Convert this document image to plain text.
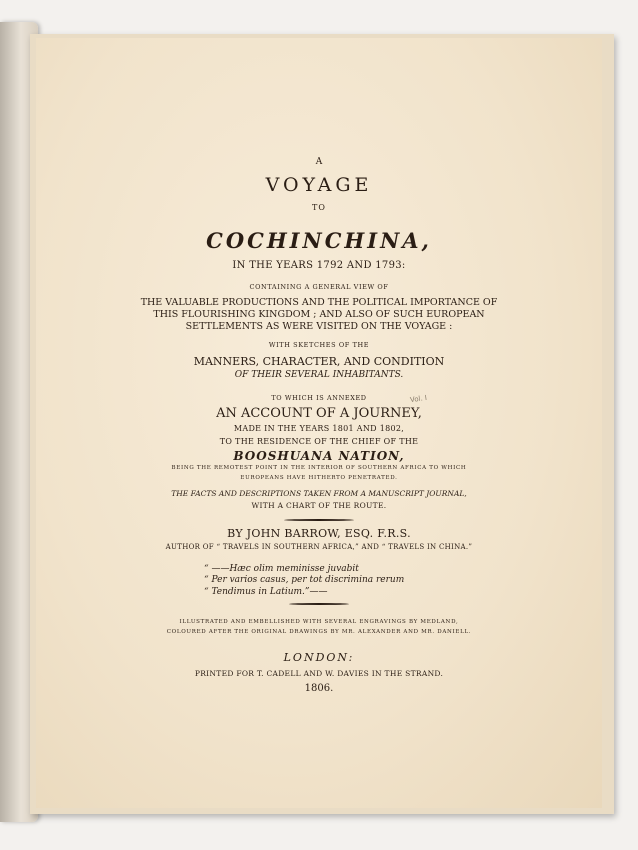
A
VOYAGE
TO
COCHINCHINA,
IN THE YEARS 1792 AND 1793:
CONTAINING A GENERAL VIEW OF
THE VALUABLE PRODUCTIONS AND THE POLITICAL IMPORTANCE OF
THIS FLOURISHING KINGDOM ; AND ALSO OF SUCH EUROPEAN
SETTLEMENTS AS WERE VISITED ON THE VOYAGE :
WITH SKETCHES OF THE
MANNERS, CHARACTER, AND CONDITION
OF THEIR SEVERAL INHABITANTS.
TO WHICH IS ANNEXED
AN ACCOUNT OF A JOURNEY,
MADE IN THE YEARS 1801 AND 1802,
TO THE RESIDENCE OF THE CHIEF OF THE
BOOSHUANA NATION,
BEING THE REMOTEST POINT IN THE INTERIOR OF SOUTHERN AFRICA TO WHICH
EUROPEANS HAVE HITHERTO PENETRATED.
THE FACTS AND DESCRIPTIONS TAKEN FROM A MANUSCRIPT JOURNAL,
WITH A CHART OF THE ROUTE.
BY JOHN BARROW, ESQ. F.R.S.
AUTHOR OF “ TRAVELS IN SOUTHERN AFRICA,” AND “ TRAVELS IN CHINA.”
“ ——Hæc olim meminisse juvabit
“ Per varios casus, per tot discrimina rerum
“ Tendimus in Latium.”——
ILLUSTRATED AND EMBELLISHED WITH SEVERAL ENGRAVINGS BY MEDLAND,
COLOURED AFTER THE ORIGINAL DRAWINGS BY MR. ALEXANDER AND MR. DANIELL.
LONDON:
PRINTED FOR T. CADELL AND W. DAVIES IN THE STRAND.
1806.
Vol. I
